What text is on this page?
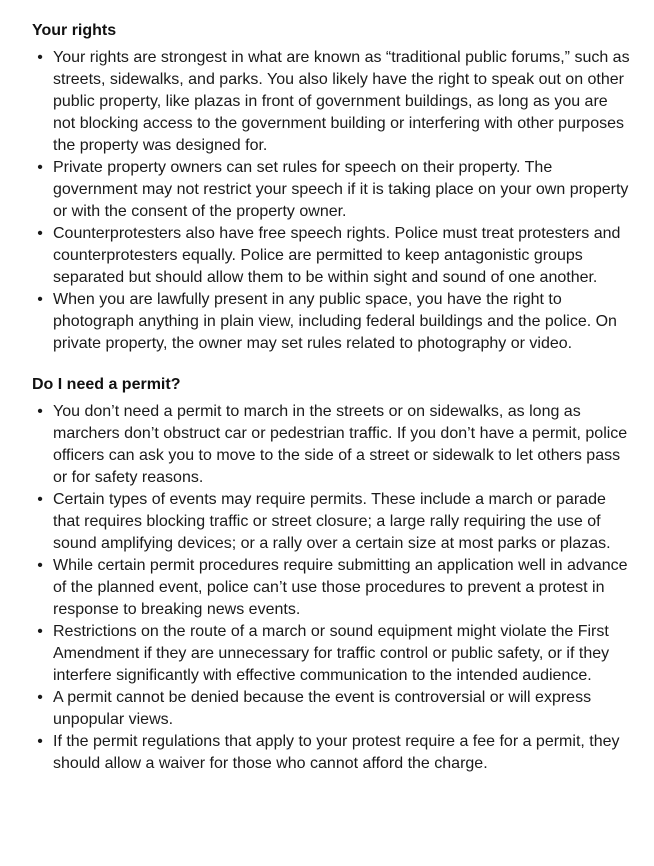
Your rights
• Your rights are strongest in what are known as “traditional public forums,” such as streets, sidewalks, and parks. You also likely have the right to speak out on other public property, like plazas in front of government buildings, as long as you are not blocking access to the government building or interfering with other purposes the property was designed for.
• Private property owners can set rules for speech on their property. The government may not restrict your speech if it is taking place on your own property or with the consent of the property owner.
• Counterprotesters also have free speech rights. Police must treat protesters and counterprotesters equally. Police are permitted to keep antagonistic groups separated but should allow them to be within sight and sound of one another.
• When you are lawfully present in any public space, you have the right to photograph anything in plain view, including federal buildings and the police. On private property, the owner may set rules related to photography or video.
Do I need a permit?
• You don’t need a permit to march in the streets or on sidewalks, as long as marchers don’t obstruct car or pedestrian traffic. If you don’t have a permit, police officers can ask you to move to the side of a street or sidewalk to let others pass or for safety reasons.
• Certain types of events may require permits. These include a march or parade that requires blocking traffic or street closure; a large rally requiring the use of sound amplifying devices; or a rally over a certain size at most parks or plazas.
• While certain permit procedures require submitting an application well in advance of the planned event, police can’t use those procedures to prevent a protest in response to breaking news events.
• Restrictions on the route of a march or sound equipment might violate the First Amendment if they are unnecessary for traffic control or public safety, or if they interfere significantly with effective communication to the intended audience.
• A permit cannot be denied because the event is controversial or will express unpopular views.
• If the permit regulations that apply to your protest require a fee for a permit, they should allow a waiver for those who cannot afford the charge.
